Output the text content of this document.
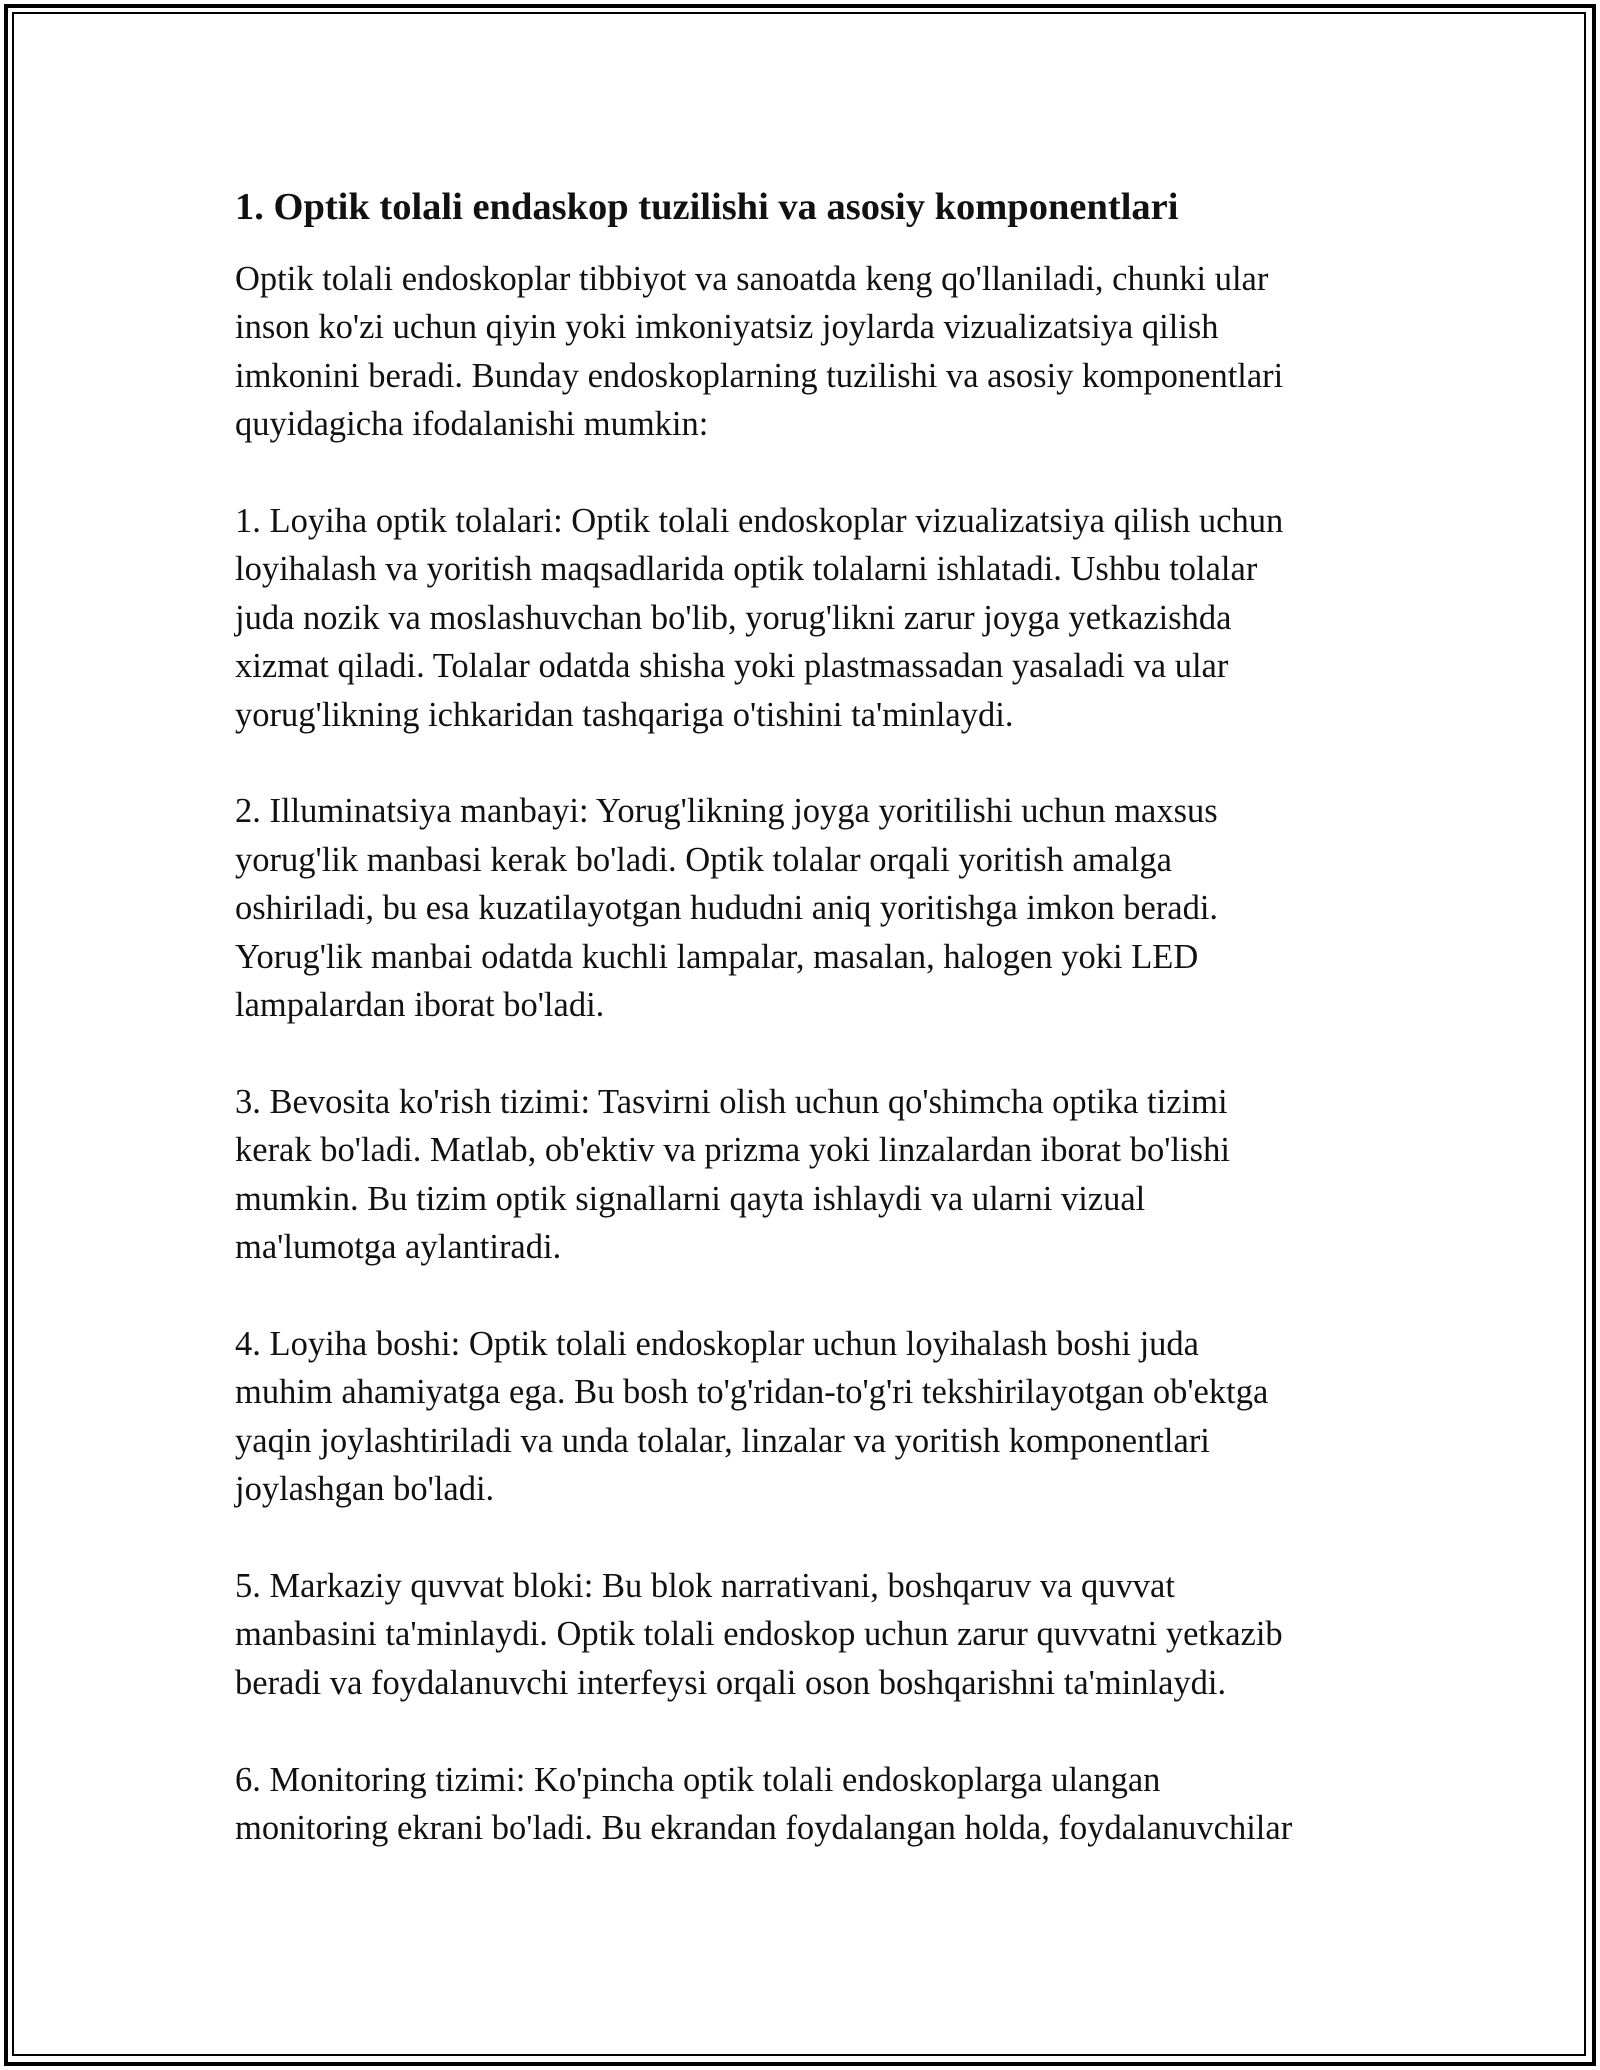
1. Optik tolali endaskop tuzilishi va asosiy komponentlari

Optik tolali endoskoplar tibbiyot va sanoatda keng qo'llaniladi, chunki ular
inson ko'zi uchun qiyin yoki imkoniyatsiz joylarda vizualizatsiya qilish
imkonini beradi. Bunday endoskoplarning tuzilishi va asosiy komponentlari
quyidagicha ifodalanishi mumkin:

1. Loyiha optik tolalari: Optik tolali endoskoplar vizualizatsiya qilish uchun
loyihalash va yoritish maqsadlarida optik tolalarni ishlatadi. Ushbu tolalar
juda nozik va moslashuvchan bo'lib, yorug'likni zarur joyga yetkazishda
xizmat qiladi. Tolalar odatda shisha yoki plastmassadan yasaladi va ular
yorug'likning ichkaridan tashqariga o'tishini ta'minlaydi.

2. Illuminatsiya manbayi: Yorug'likning joyga yoritilishi uchun maxsus
yorug'lik manbasi kerak bo'ladi. Optik tolalar orqali yoritish amalga
oshiriladi, bu esa kuzatilayotgan hududni aniq yoritishga imkon beradi.
Yorug'lik manbai odatda kuchli lampalar, masalan, halogen yoki LED
lampalardan iborat bo'ladi.

3. Bevosita ko'rish tizimi: Tasvirni olish uchun qo'shimcha optika tizimi
kerak bo'ladi. Matlab, ob'ektiv va prizma yoki linzalardan iborat bo'lishi
mumkin. Bu tizim optik signallarni qayta ishlaydi va ularni vizual
ma'lumotga aylantiradi.

4. Loyiha boshi: Optik tolali endoskoplar uchun loyihalash boshi juda
muhim ahamiyatga ega. Bu bosh to'g'ridan-to'g'ri tekshirilayotgan ob'ektga
yaqin joylashtiriladi va unda tolalar, linzalar va yoritish komponentlari
joylashgan bo'ladi.

5. Markaziy quvvat bloki: Bu blok narrativani, boshqaruv va quvvat
manbasini ta'minlaydi. Optik tolali endoskop uchun zarur quvvatni yetkazib
beradi va foydalanuvchi interfeysi orqali oson boshqarishni ta'minlaydi.

6. Monitoring tizimi: Ko'pincha optik tolali endoskoplarga ulangan
monitoring ekrani bo'ladi. Bu ekrandan foydalangan holda, foydalanuvchilar
